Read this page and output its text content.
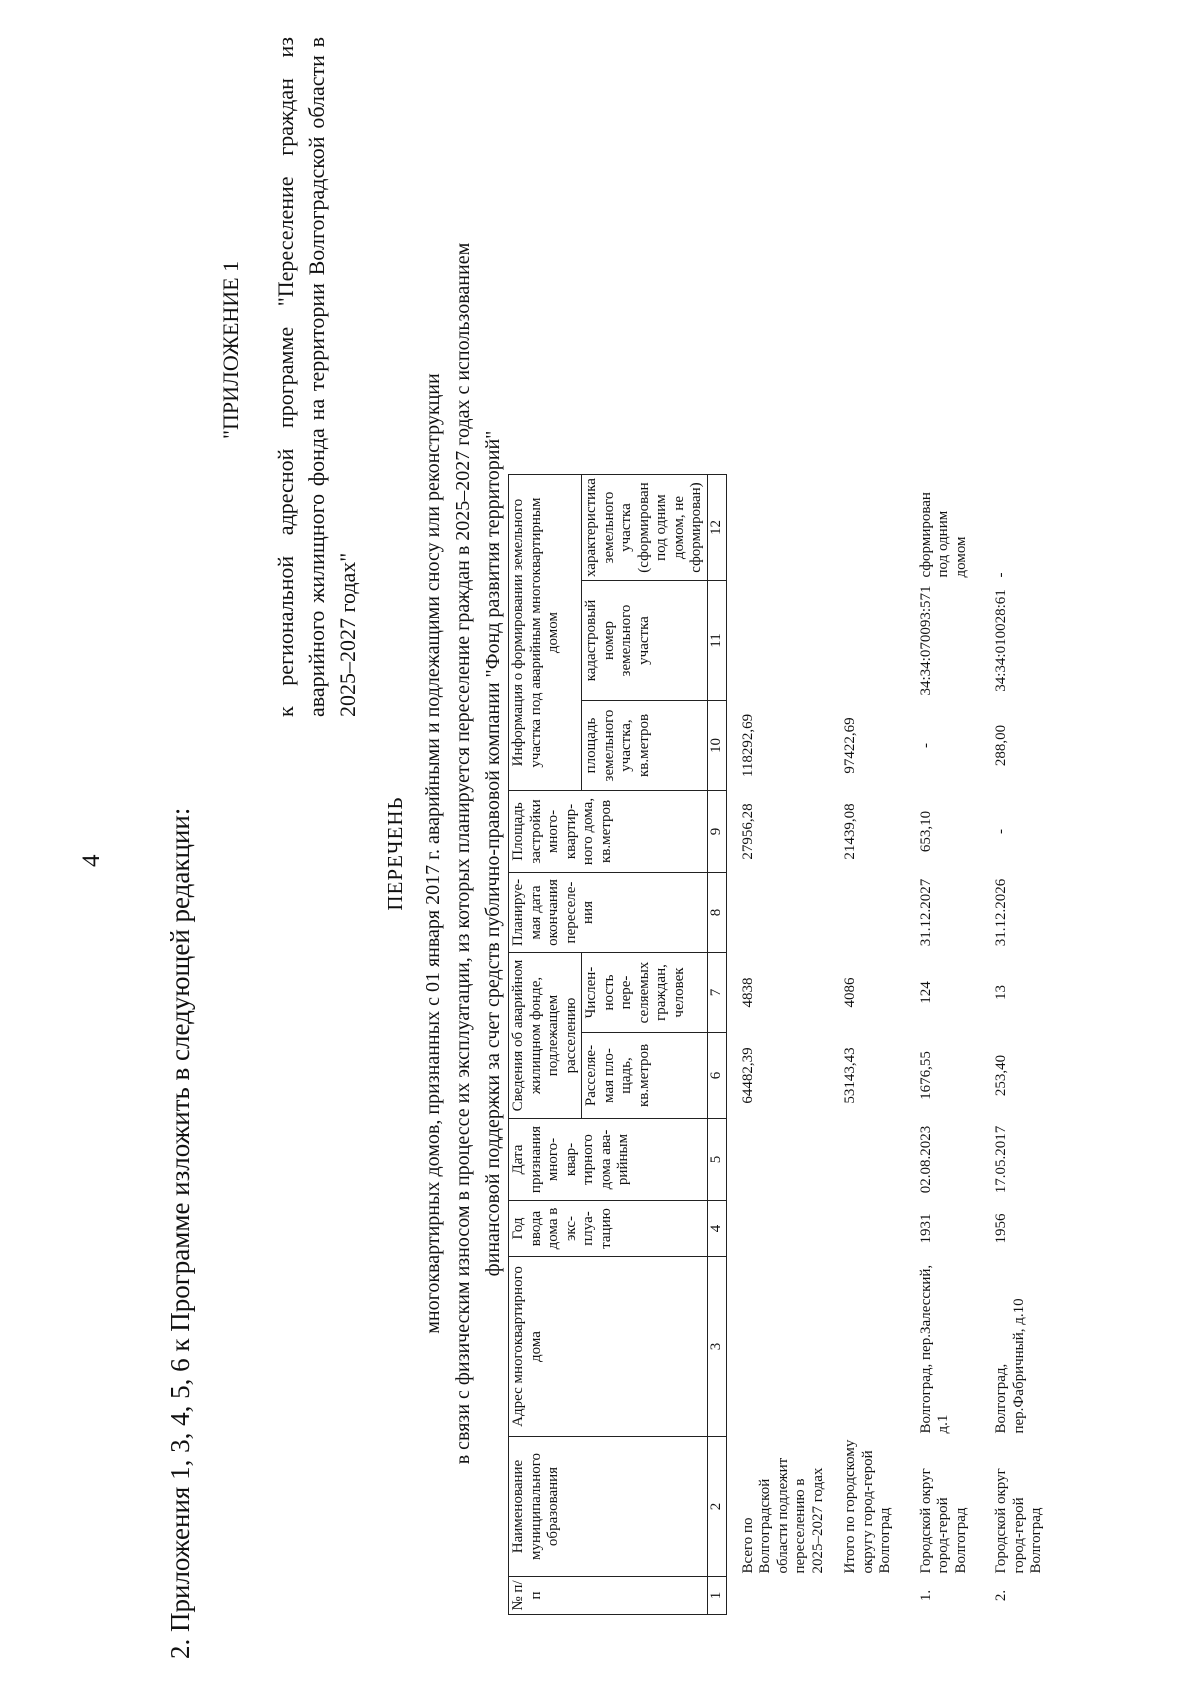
4 2. Приложения 1, 3, 4, 5, 6 к Программе изложить в следующей редакции:
"ПРИЛОЖЕНИЕ 1 к региональной адресной программе "Переселение граждан из аварийного жилищного фонда на территории Волгоградской области в 2025–2027 годах"
ПЕРЕЧЕНЬ многоквартирных домов, признанных с 01 января 2017 г. аварийными и подлежащими сносу или реконструкции в связи с физическим износом в процессе их эксплуатации, из которых планируется переселение граждан в 2025–2027 годах с использованием финансовой поддержки за счет средств публично-правовой компании "Фонд развития территорий"
№ п/п	Наименование муниципального образования	Адрес многоквартирного дома	Год ввода дома в экс-плуа-тацию	Дата признания много-квар-тирного дома ава-рийным	Сведения об аварийном жилищном фонде, подлежащем расселению		Планируе-мая дата окончания переселе-ния	Площадь застройки много-квартир-ного дома, кв.метров	Информация о формировании земельного участка под аварийным многоквартирным домом		
					Расселяе-мая пло-щадь, кв.метров	Числен-ность пере-селяемых граждан, человек			площадь земельного участка, кв.метров	кадастровый номер земельного участка	характеристика земельного участка (сформирован под одним домом, не сформирован)
1	2	3	4	5	6	7	8	9	10	11	12

	Всего по Волгоградской области подлежит переселению в 2025–2027 годах				64482,39	4838		27956,28	118292,69		
	Итого по городскому округу город-герой Волгоград				53143,43	4086		21439,08	97422,69		
1.	Городской округ город-герой Волгоград	Волгоград, пер.Залесский, д.1	1931	02.08.2023	1676,55	124	31.12.2027	653,10	-	34:34:070093:571	сформирован под одним домом
2.	Городской округ город-герой Волгоград	Волгоград, пер.Фабричный, д.10	1956	17.05.2017	253,40	13	31.12.2026	-	288,00	34:34:010028:61	-
